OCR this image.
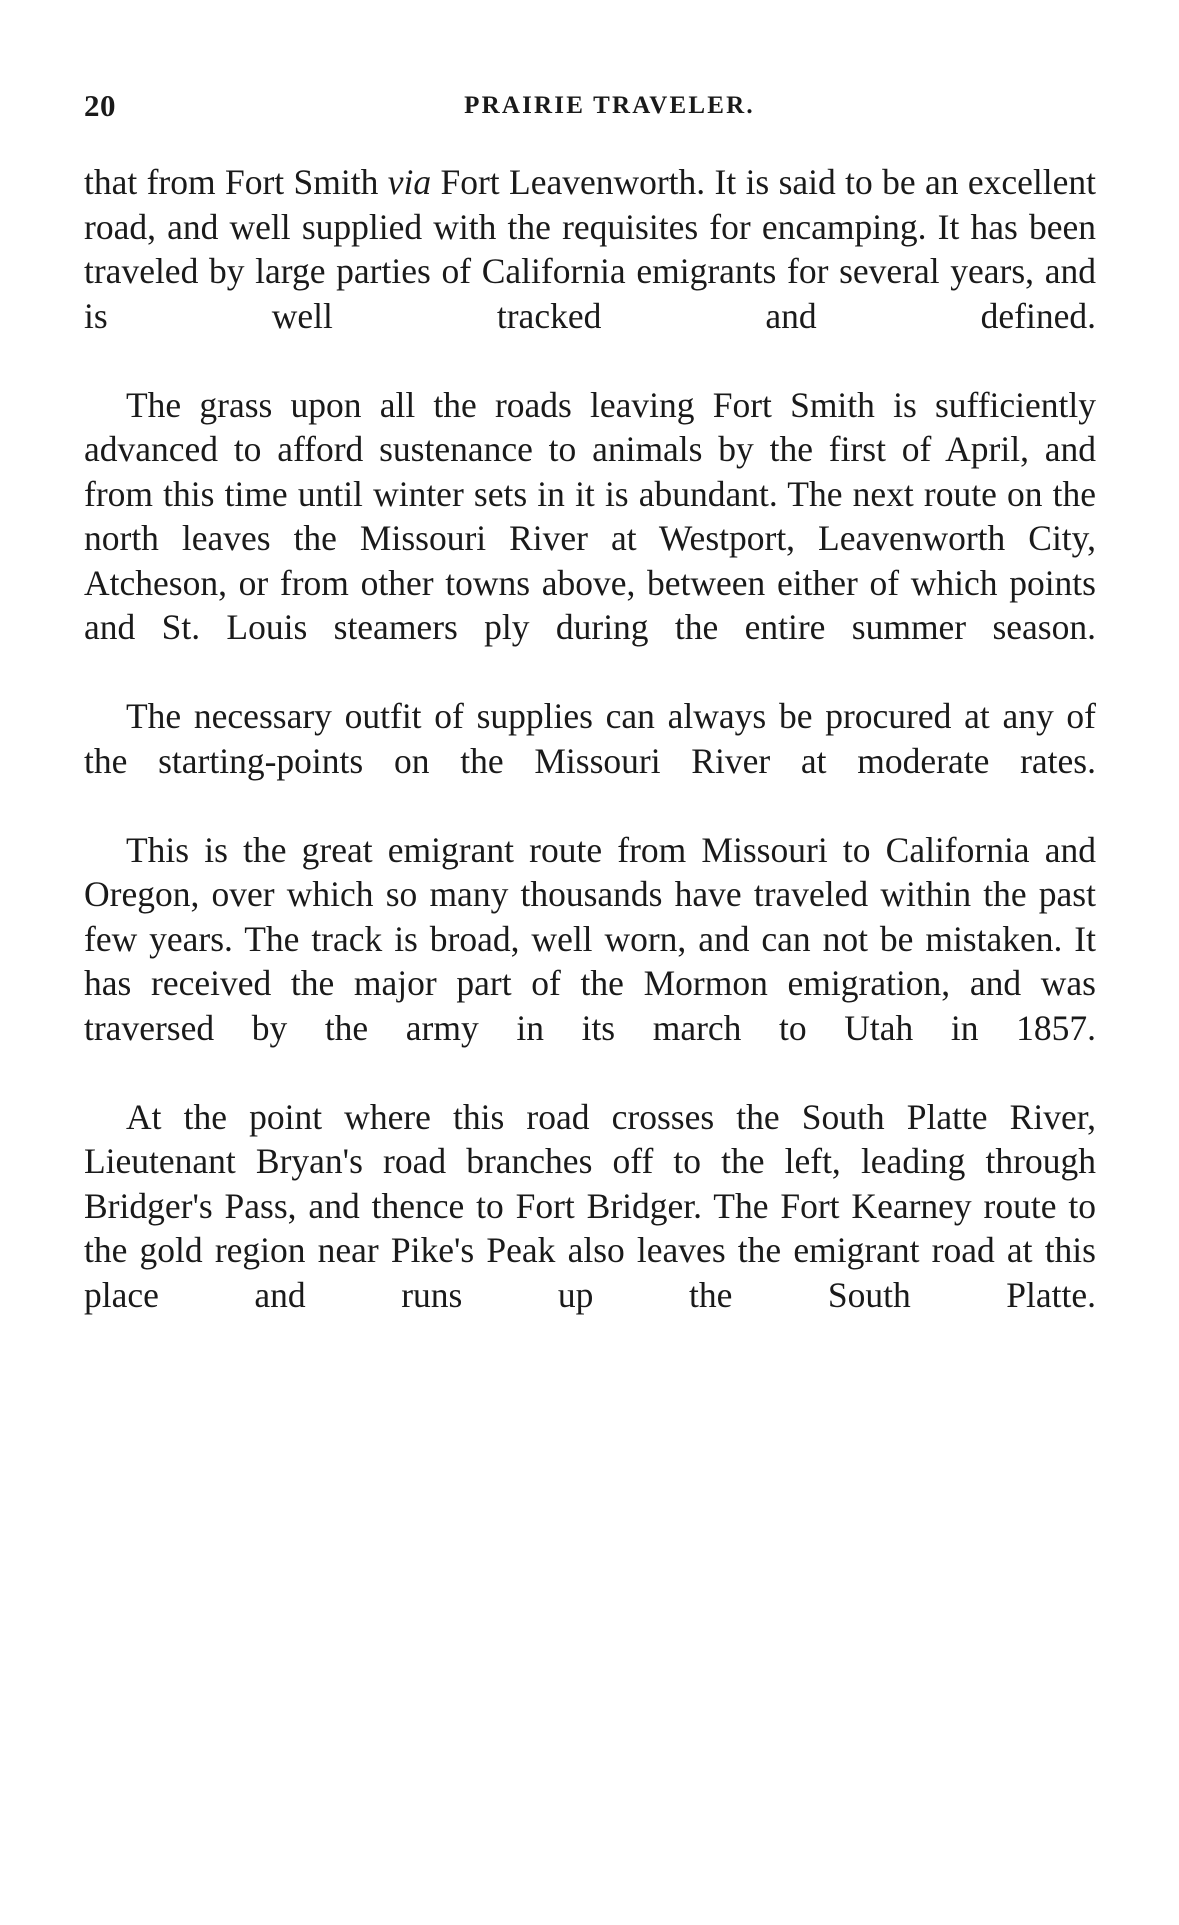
20	PRAIRIE TRAVELER.

that from Fort Smith via Fort Leavenworth. It is said to be an excellent road, and well supplied with the requisites for encamping. It has been traveled by large parties of California emigrants for several years, and is well tracked and defined.

The grass upon all the roads leaving Fort Smith is sufficiently advanced to afford sustenance to animals by the first of April, and from this time until winter sets in it is abundant. The next route on the north leaves the Missouri River at Westport, Leavenworth City, Atcheson, or from other towns above, between either of which points and St. Louis steamers ply during the entire summer season.

The necessary outfit of supplies can always be procured at any of the starting-points on the Missouri River at moderate rates.

This is the great emigrant route from Missouri to California and Oregon, over which so many thousands have traveled within the past few years. The track is broad, well worn, and can not be mistaken. It has received the major part of the Mormon emigration, and was traversed by the army in its march to Utah in 1857.

At the point where this road crosses the South Platte River, Lieutenant Bryan's road branches off to the left, leading through Bridger's Pass, and thence to Fort Bridger. The Fort Kearney route to the gold region near Pike's Peak also leaves the emigrant road at this place and runs up the South Platte.
